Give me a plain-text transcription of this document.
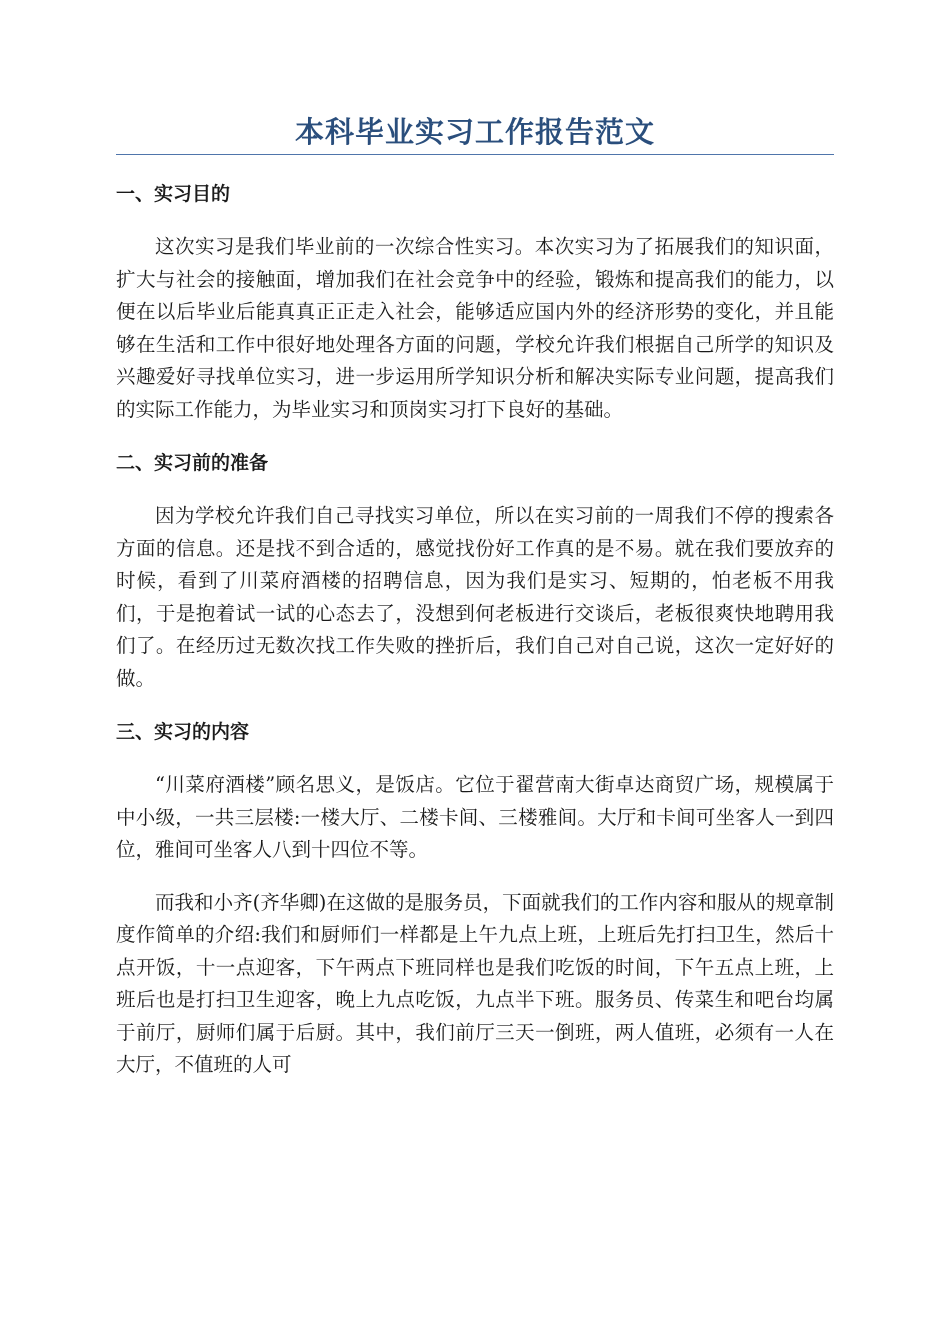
本科毕业实习工作报告范文
一、实习目的

这次实习是我们毕业前的一次综合性实习。本次实习为了拓展我们的知识面，扩大与社会的接触面，增加我们在社会竞争中的经验，锻炼和提高我们的能力，以便在以后毕业后能真真正正走入社会，能够适应国内外的经济形势的变化，并且能够在生活和工作中很好地处理各方面的问题，学校允许我们根据自己所学的知识及兴趣爱好寻找单位实习，进一步运用所学知识分析和解决实际专业问题，提高我们的实际工作能力，为毕业实习和顶岗实习打下良好的基础。

二、实习前的准备

因为学校允许我们自己寻找实习单位，所以在实习前的一周我们不停的搜索各方面的信息。还是找不到合适的，感觉找份好工作真的是不易。就在我们要放弃的时候，看到了川菜府酒楼的招聘信息，因为我们是实习、短期的，怕老板不用我们，于是抱着试一试的心态去了，没想到何老板进行交谈后，老板很爽快地聘用我们了。在经历过无数次找工作失败的挫折后，我们自己对自己说，这次一定好好的做。

三、实习的内容

“川菜府酒楼”顾名思义，是饭店。它位于翟营南大街卓达商贸广场，规模属于中小级，一共三层楼:一楼大厅、二楼卡间、三楼雅间。大厅和卡间可坐客人一到四位，雅间可坐客人八到十四位不等。

而我和小齐(齐华卿)在这做的是服务员，下面就我们的工作内容和服从的规章制度作简单的介绍:我们和厨师们一样都是上午九点上班，上班后先打扫卫生，然后十点开饭，十一点迎客，下午两点下班同样也是我们吃饭的时间，下午五点上班，上班后也是打扫卫生迎客，晚上九点吃饭，九点半下班。服务员、传菜生和吧台均属于前厅，厨师们属于后厨。其中，我们前厅三天一倒班，两人值班，必须有一人在大厅，不值班的人可
